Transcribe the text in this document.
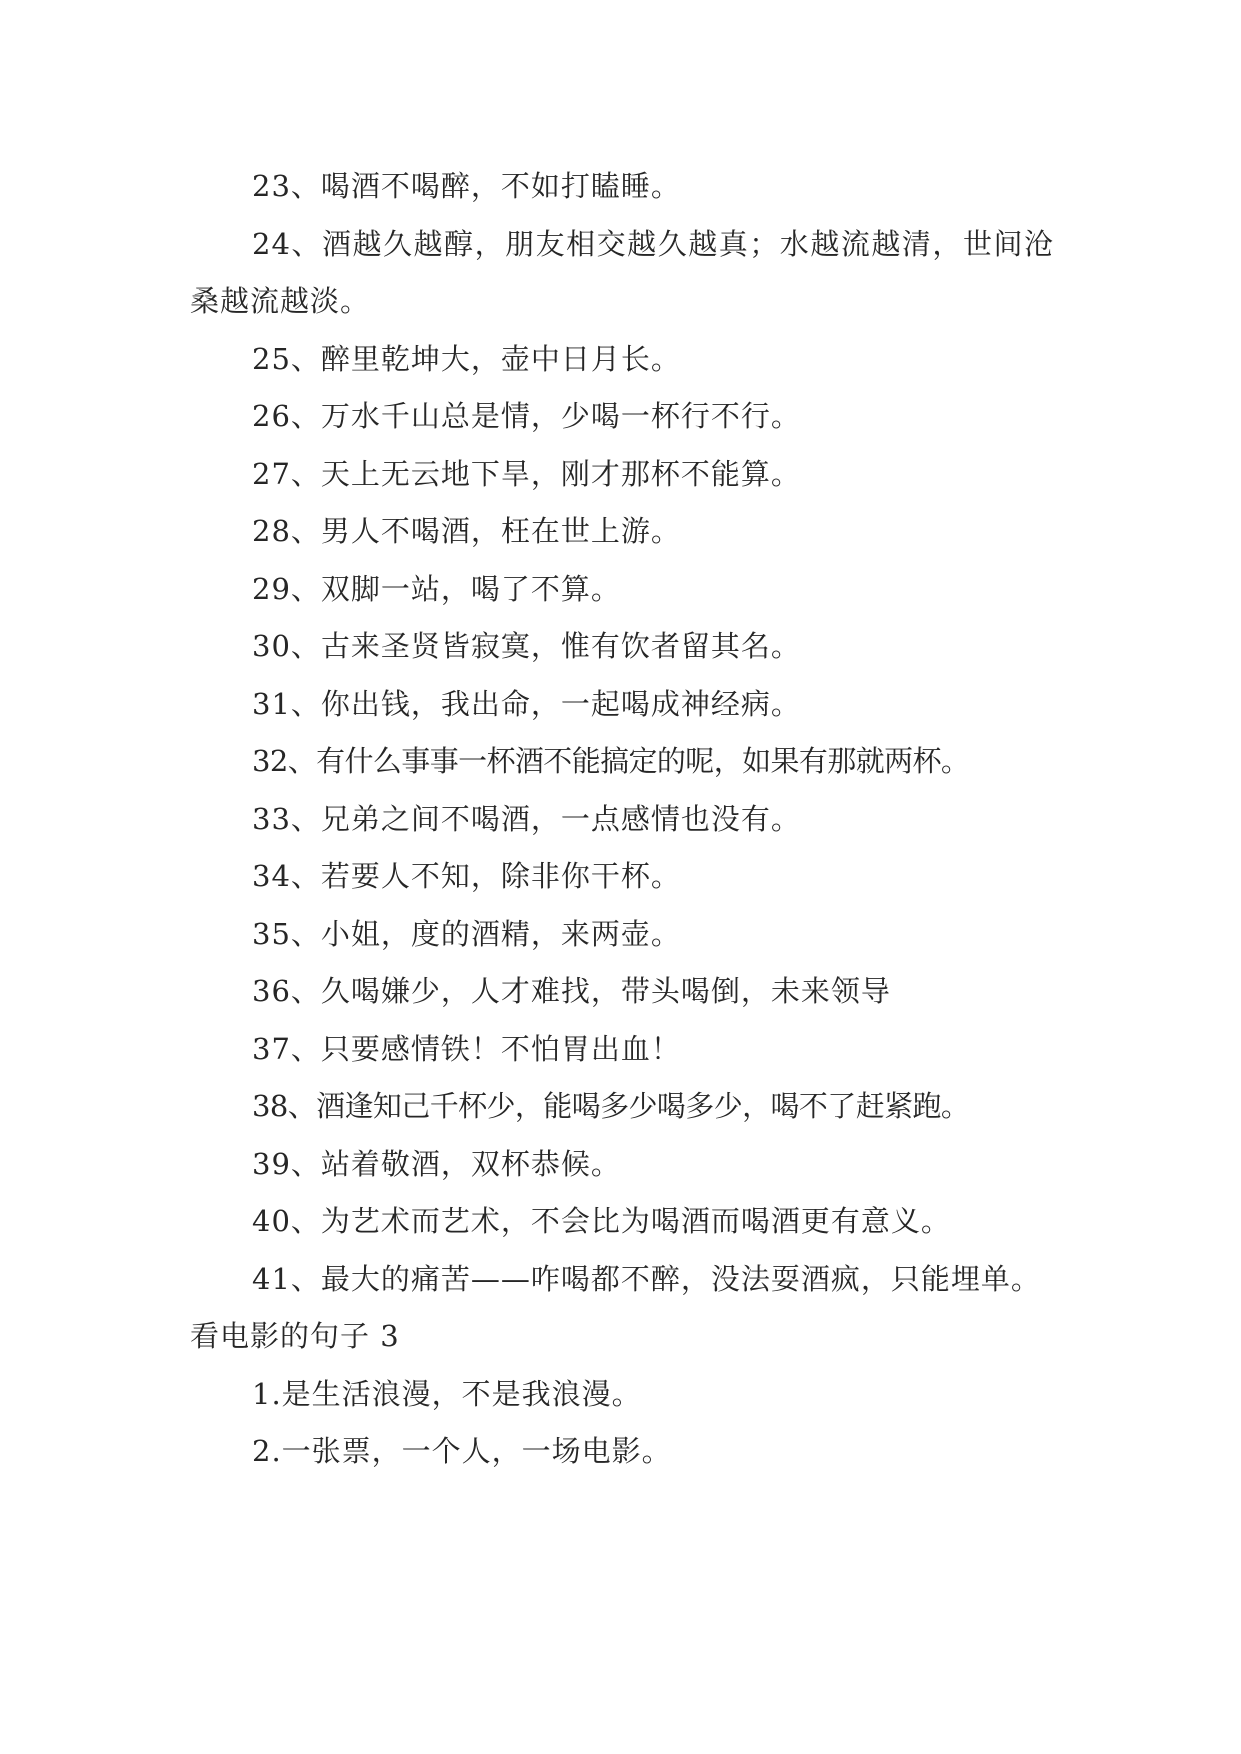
23、喝酒不喝醉，不如打瞌睡。

24、酒越久越醇，朋友相交越久越真；水越流越清，世间沧桑越流越淡。

25、醉里乾坤大，壶中日月长。

26、万水千山总是情，少喝一杯行不行。

27、天上无云地下旱，刚才那杯不能算。

28、男人不喝酒，枉在世上游。

29、双脚一站，喝了不算。

30、古来圣贤皆寂寞，惟有饮者留其名。

31、你出钱，我出命，一起喝成神经病。

32、有什么事事一杯酒不能搞定的呢，如果有那就两杯。

33、兄弟之间不喝酒，一点感情也没有。

34、若要人不知，除非你干杯。

35、小姐，度的酒精，来两壶。

36、久喝嫌少，人才难找，带头喝倒，未来领导

37、只要感情铁！不怕胃出血！

38、酒逢知己千杯少，能喝多少喝多少，喝不了赶紧跑。

39、站着敬酒，双杯恭候。

40、为艺术而艺术，不会比为喝酒而喝酒更有意义。

41、最大的痛苦——咋喝都不醉，没法耍酒疯，只能埋单。

看电影的句子 3

1.是生活浪漫，不是我浪漫。

2.一张票，一个人，一场电影。
